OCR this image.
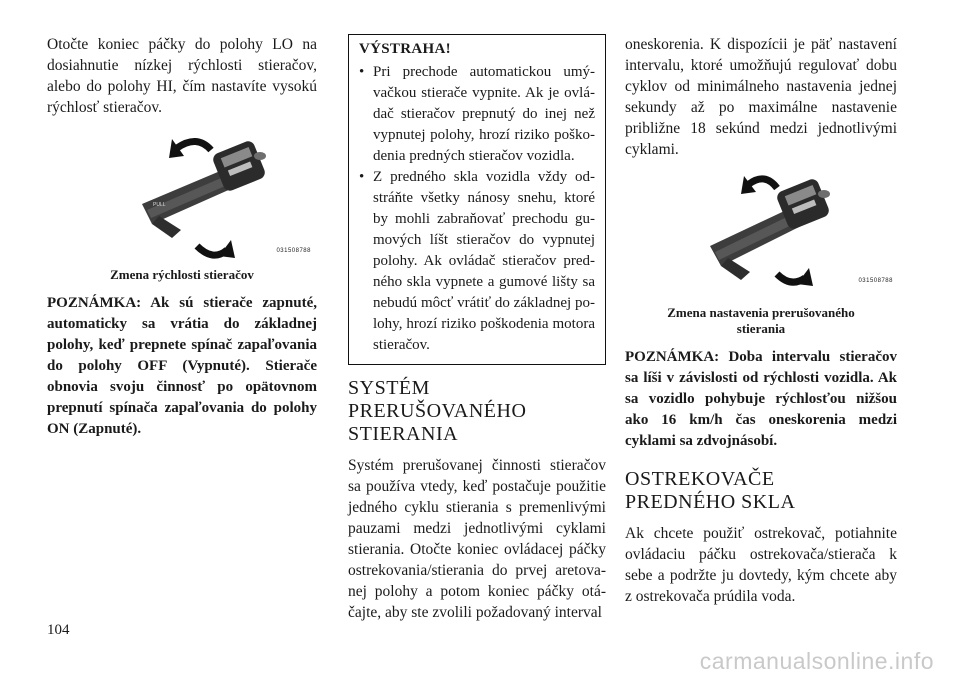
Otočte koniec páčky do polohy LO na dosiahnutie nízkej rýchlosti stieračov, alebo do polohy HI, čím nastavíte vysokú rýchlosť stieračov.

PULL
031508788
Zmena rýchlosti stieračov

POZNÁMKA: Ak sú stierače zapnuté, automaticky sa vrátia do základnej polohy, keď prepnete spínač zapaľovania do polohy OFF (Vypnuté). Stierače obnovia svoju činnosť po opätovnom prepnutí spínača zapaľovania do polohy ON (Zapnuté).

VÝSTRAHA!
• Pri prechode automatickou umývačkou stierače vypnite. Ak je ovládač stieračov prepnutý do inej než vypnutej polohy, hrozí riziko poškodenia predných stieračov vozidla.
• Z predného skla vozidla vždy odstráňte všetky nánosy snehu, ktoré by mohli zabraňovať prechodu gumových líšt stieračov do vypnutej polohy. Ak ovládač stieračov predného skla vypnete a gumové lišty sa nebudú môcť vrátiť do základnej polohy, hrozí riziko poškodenia motora stieračov.
SYSTÉM
PRERUŠOVANÉHO
STIERANIA

Systém prerušovanej činnosti stieračov sa používa vtedy, keď postačuje použitie jedného cyklu stierania s premenlivými pauzami medzi jednotlivými cyklami stierania. Otočte koniec ovládacej páčky ostrekovania/stierania do prvej aretovanej polohy a potom koniec páčky otáčajte, aby ste zvolili požadovaný interval

oneskorenia. K dispozícii je päť nastavení intervalu, ktoré umožňujú regulovať dobu cyklov od minimálneho nastavenia jednej sekundy až po maximálne nastavenie približne 18 sekúnd medzi jednotlivými cyklami.

031508788
Zmena nastavenia prerušovaného stierania

POZNÁMKA: Doba intervalu stieračov sa líši v závislosti od rýchlosti vozidla. Ak sa vozidlo pohybuje rýchlosťou nižšou ako 16 km/h čas oneskorenia medzi cyklami sa zdvojnásobí.

OSTREKOVAČE
PREDNÉHO SKLA

Ak chcete použiť ostrekovač, potiahnite ovládaciu páčku ostrekovača/stierača k sebe a podržte ju dovtedy, kým chcete aby z ostrekovača prúdila voda.

104
carmanualsonline.info
